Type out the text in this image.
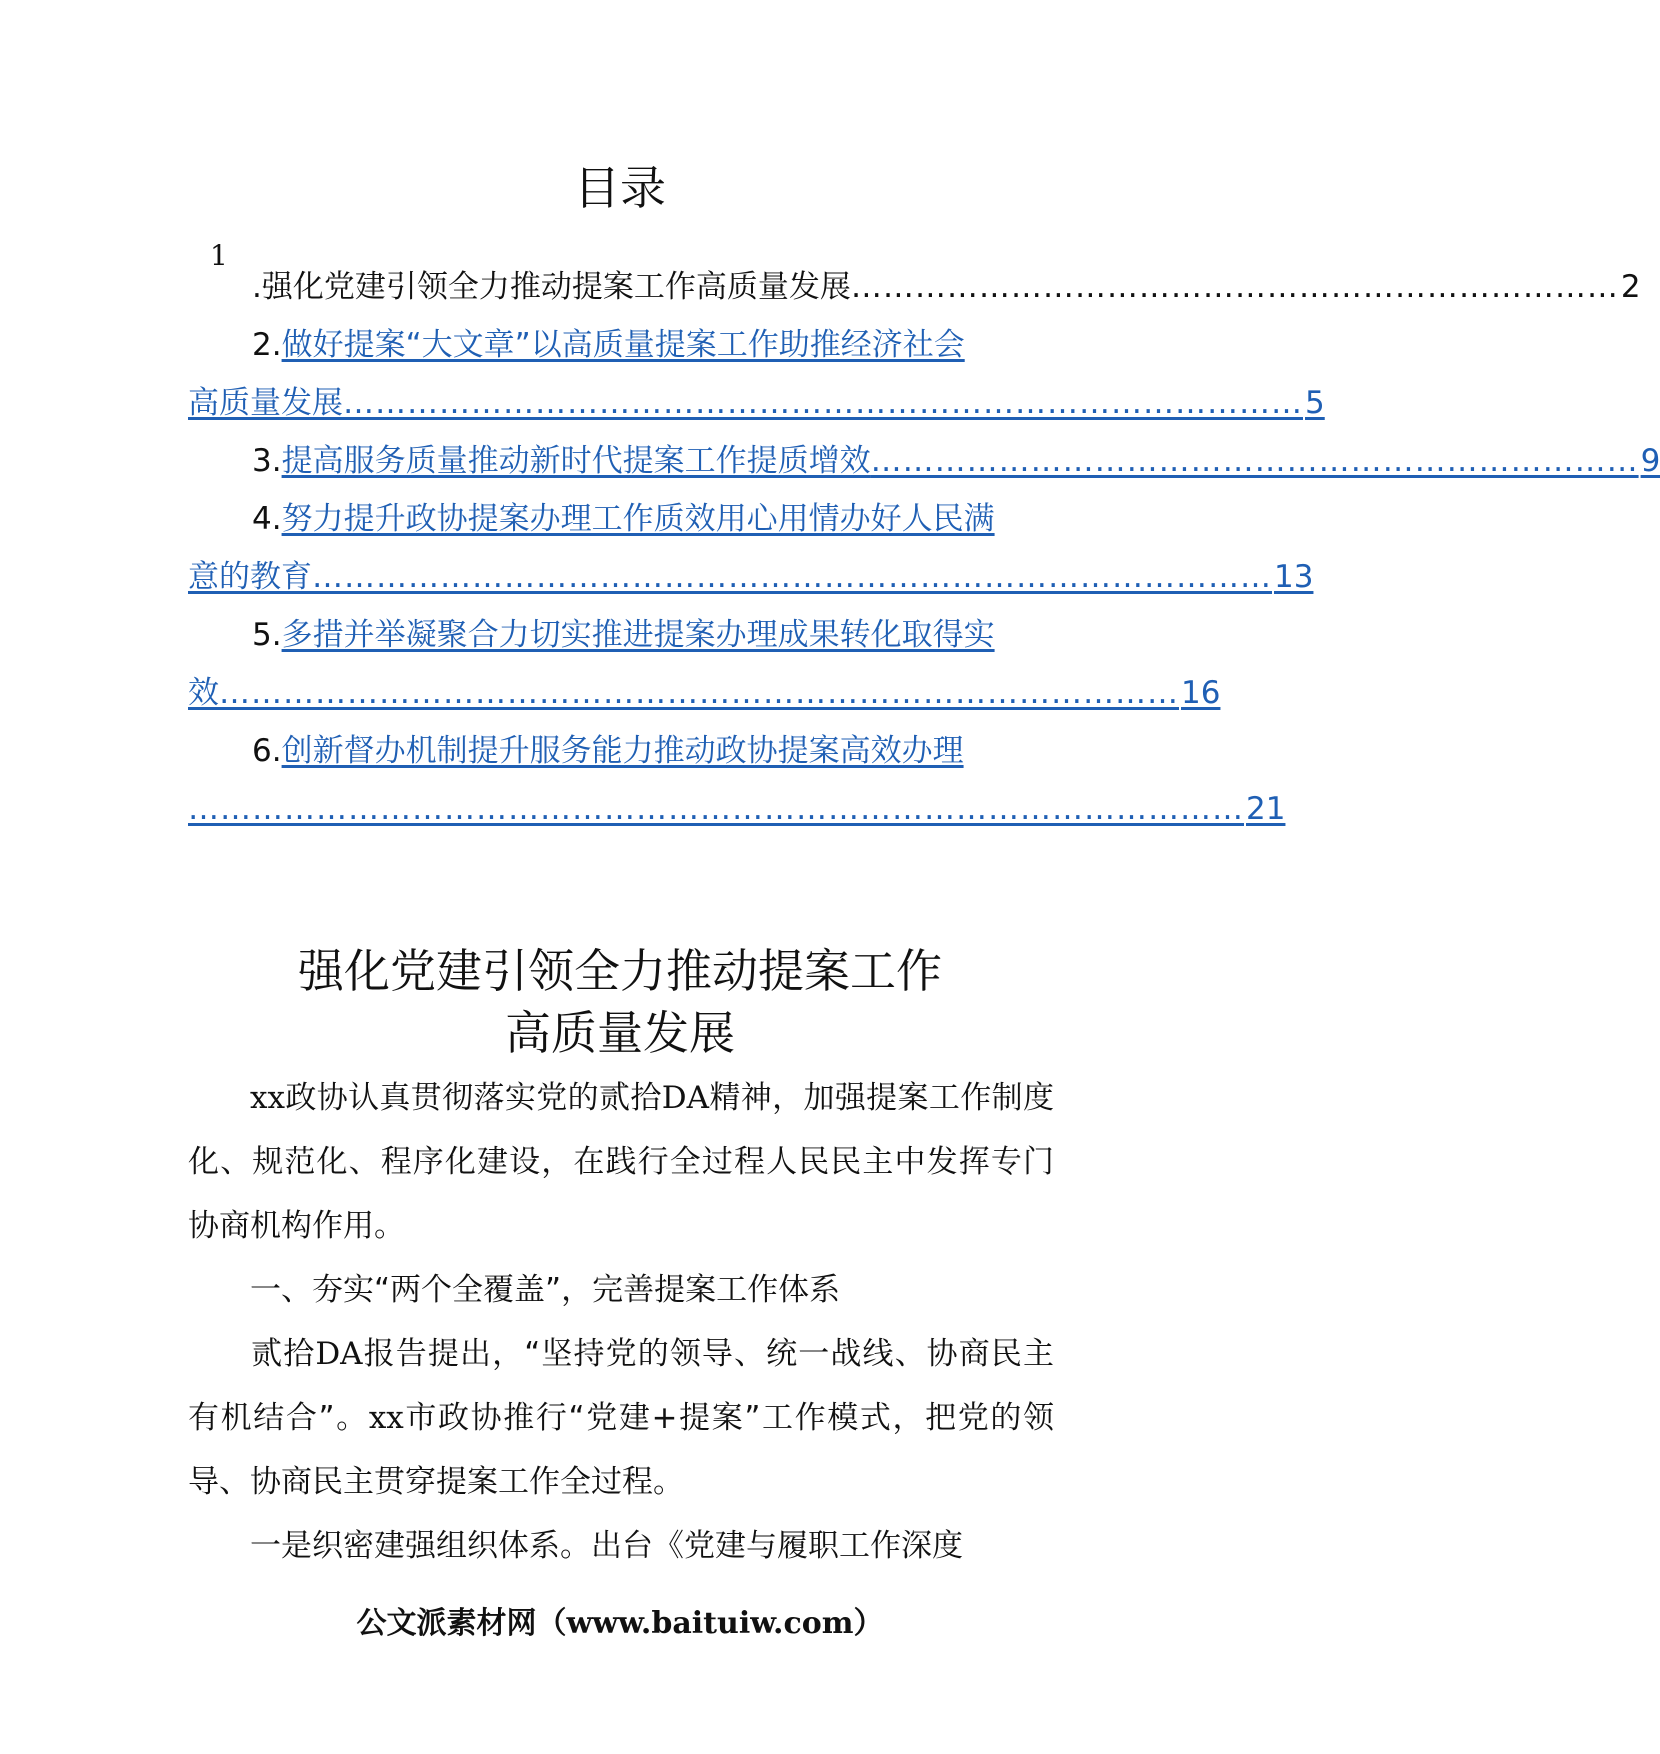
目录
1
. 强化党建引领全力推动提案工作高质量发展 ……………………………………………………………… 2
2. 做好提案“大文章”以高质量提案工作助推经济社会
高质量发展 ……………………………………………………………………………… 5
3. 提高服务质量推动新时代提案工作提质增效 ……………………………………………………………… 9
4. 努力提升政协提案办理工作质效用心用情办好人民满
意的教育 ……………………………………………………………………………… 13
5. 多措并举凝聚合力切实推进提案办理成果转化取得实
效 ……………………………………………………………………………… 16
6. 创新督办机制提升服务能力推动政协提案高效办理
……………………………………………………………………………………… 21
强化党建引领全力推动提案工作
高质量发展
xx政协认真贯彻落实党的贰拾DA精神，加强提案工作制度化、规范化、程序化建设，在践行全过程人民民主中发挥专门协商机构作用。
一、夯实“两个全覆盖”，完善提案工作体系
贰拾DA报告提出，“坚持党的领导、统一战线、协商民主有机结合”。xx市政协推行“党建+提案”工作模式，把党的领导、协商民主贯穿提案工作全过程。
一是织密建强组织体系。出台《党建与履职工作深度
公文派素材网（www.baituiw.com）
